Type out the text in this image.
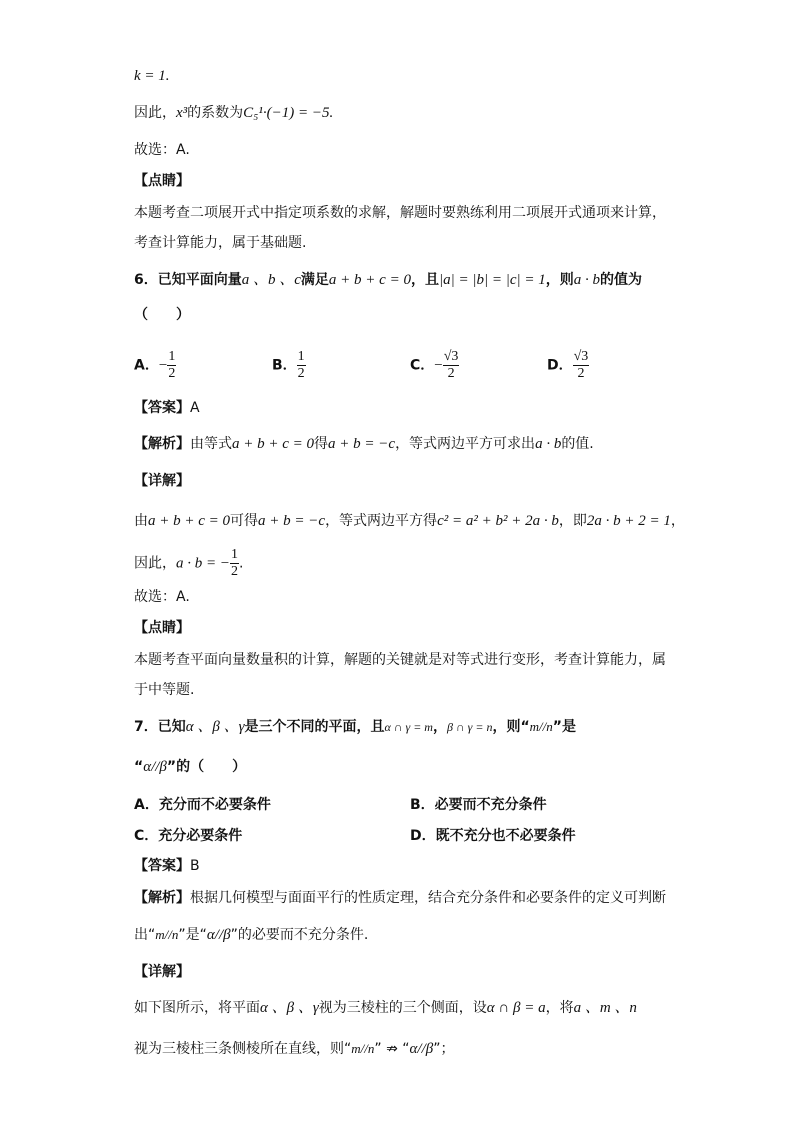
k = 1.
因此，x³的系数为C₅¹·(−1) = −5.
故选：A.
【点睛】
本题考查二项展开式中指定项系数的求解，解题时要熟练利用二项展开式通项来计算，
考查计算能力，属于基础题.
6．已知平面向量a 、b 、c满足a + b + c = 0，且|a| = |b| = |c| = 1，则a · b的值为
（　　）
A．− $\frac{1}{2}$	B． $\frac{1}{2}$	C．− $\frac{√3}{2}$	D． $\frac{√3}{2}$
【答案】A
【解析】由等式a + b + c = 0得a + b = −c，等式两边平方可求出a · b的值.
【详解】
由a + b + c = 0可得a + b = −c，等式两边平方得c² = a² + b² + 2a · b，即2a · b + 2 = 1，
因此，a · b = − $\frac{1}{2}$ .
故选：A.
【点睛】
本题考查平面向量数量积的计算，解题的关键就是对等式进行变形，考查计算能力，属
于中等题.
7．已知α 、β 、γ是三个不同的平面，且α ∩ γ = m，β ∩ γ = n，则“m//n”是
“α//β”的（　　）
A．充分而不必要条件	B．必要而不充分条件
C．充分必要条件	D．既不充分也不必要条件
【答案】B
【解析】根据几何模型与面面平行的性质定理，结合充分条件和必要条件的定义可判断
出“m//n”是“α//β”的必要而不充分条件.
【详解】
如下图所示，将平面α 、β 、γ视为三棱柱的三个侧面，设α ∩ β = a，将a 、m 、n
视为三棱柱三条侧棱所在直线，则“m//n” ⇏ “α//β”；
